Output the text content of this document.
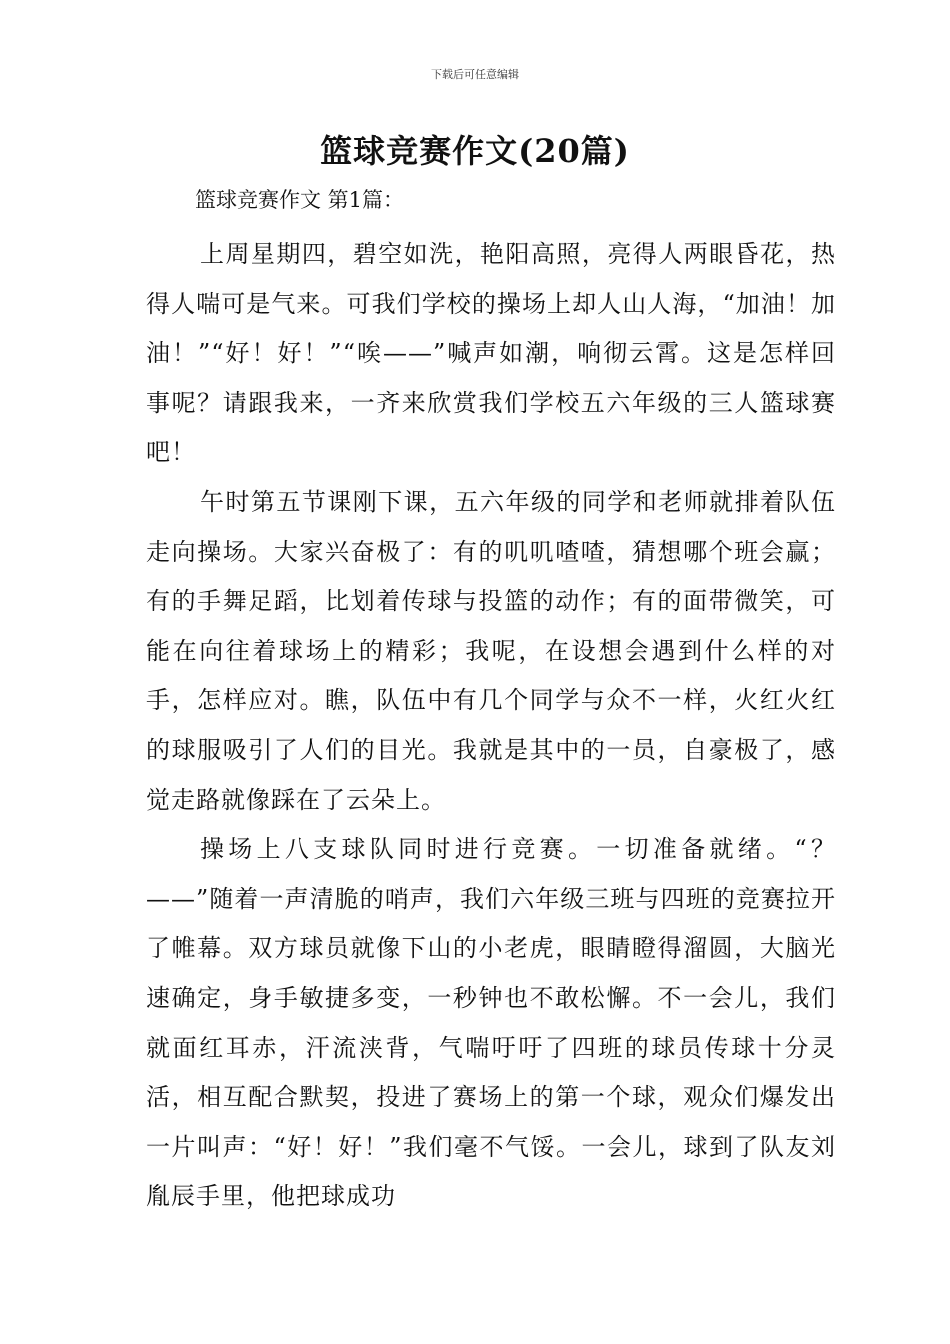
下载后可任意编辑
篮球竞赛作文(20篇)
篮球竞赛作文 第1篇：

上周星期四，碧空如洗，艳阳高照，亮得人两眼昏花，热得人喘可是气来。可我们学校的操场上却人山人海，“加油！加油！”“好！好！”“唉——”喊声如潮，响彻云霄。这是怎样回事呢？请跟我来，一齐来欣赏我们学校五六年级的三人篮球赛吧！

午时第五节课刚下课，五六年级的同学和老师就排着队伍走向操场。大家兴奋极了：有的叽叽喳喳，猜想哪个班会赢；有的手舞足蹈，比划着传球与投篮的动作；有的面带微笑，可能在向往着球场上的精彩；我呢，在设想会遇到什么样的对手，怎样应对。瞧，队伍中有几个同学与众不一样，火红火红的球服吸引了人们的目光。我就是其中的一员，自豪极了，感觉走路就像踩在了云朵上。

操场上八支球队同时进行竞赛。一切准备就绪。“？——”随着一声清脆的哨声，我们六年级三班与四班的竞赛拉开了帷幕。双方球员就像下山的小老虎，眼睛瞪得溜圆，大脑光速确定，身手敏捷多变，一秒钟也不敢松懈。不一会儿，我们就面红耳赤，汗流浃背，气喘吁吁了四班的球员传球十分灵活，相互配合默契，投进了赛场上的第一个球，观众们爆发出一片叫声：“好！好！”我们毫不气馁。一会儿，球到了队友刘胤辰手里，他把球成功
